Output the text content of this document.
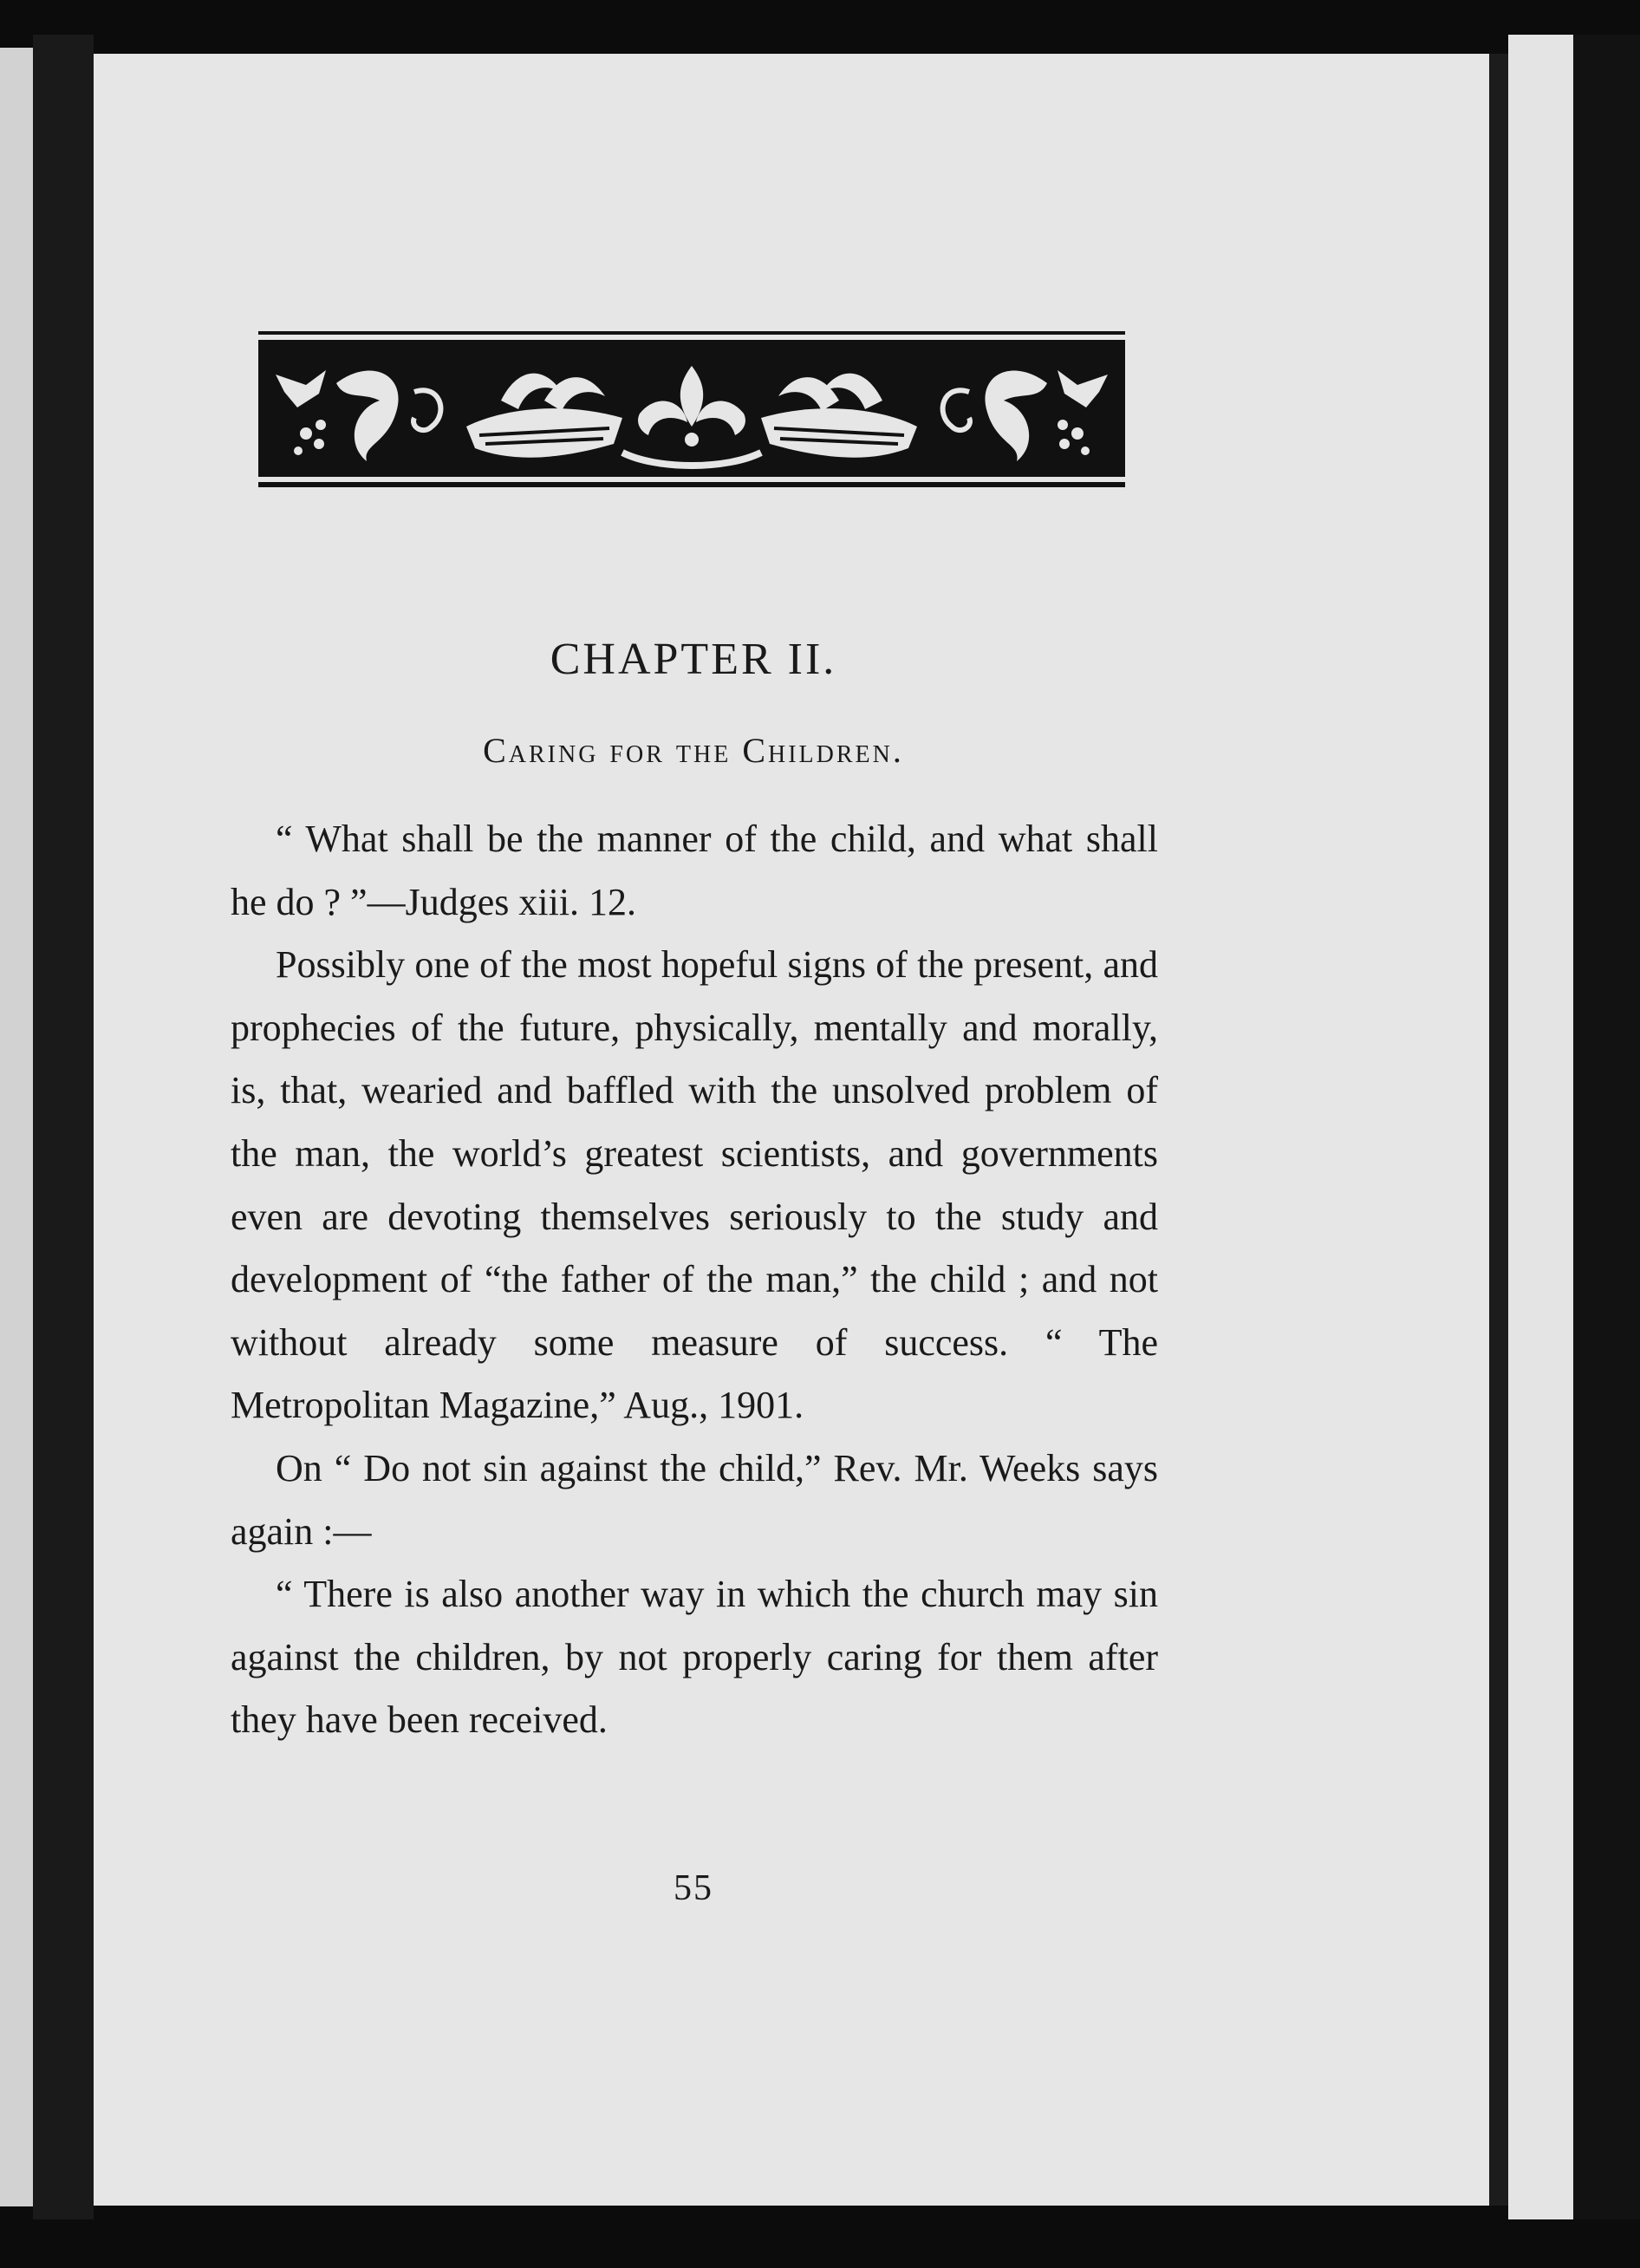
CHAPTER II.
Caring for the Children.

“ What shall be the manner of the child, and what shall he do ? ”—Judges xiii. 12.

Possibly one of the most hopeful signs of the present, and prophecies of the future, physically, mentally and morally, is, that, wearied and baffled with the unsolved problem of the man, the world’s greatest scientists, and governments even are devoting themselves seriously to the study and development of “the father of the man,” the child ; and not without already some measure of success. “ The Metropolitan Magazine,” Aug., 1901.

On “ Do not sin against the child,” Rev. Mr. Weeks says again :—

“ There is also another way in which the church may sin against the children, by not properly caring for them after they have been received.

55
